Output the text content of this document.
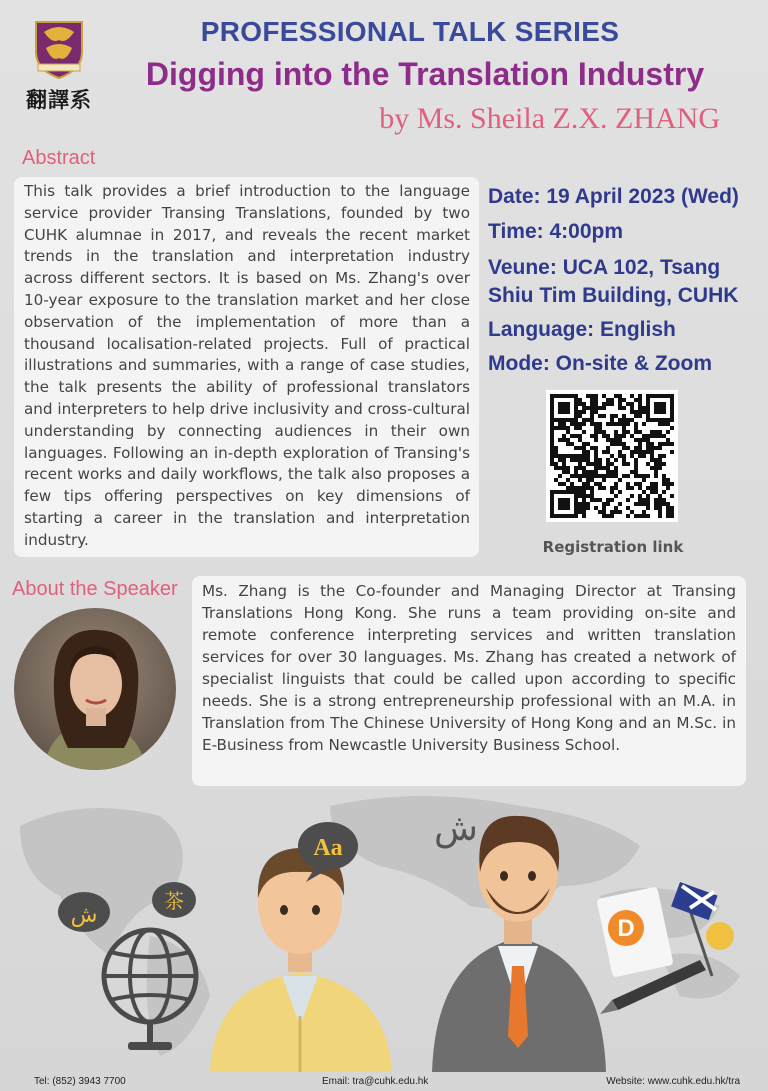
翻譯系
PROFESSIONAL TALK SERIES
Digging into the Translation Industry
by Ms. Sheila Z.X. ZHANG
Abstract

This talk provides a brief introduction to the language service provider Transing Translations, founded by two CUHK alumnae in 2017, and reveals the recent market trends in the translation and interpretation industry across different sectors. It is based on Ms. Zhang's over 10-year exposure to the translation market and her close observation of the implementation of more than a thousand localisation-related projects. Full of practical illustrations and summaries, with a range of case studies, the talk presents the ability of professional translators and interpreters to help drive inclusivity and cross-cultural understanding by connecting audiences in their own languages. Following an in-depth exploration of Transing's recent works and daily workflows, the talk also proposes a few tips offering perspectives on key dimensions of starting a career in the translation and interpretation industry.

Date: 19 April 2023 (Wed)
Time: 4:00pm
Veune: UCA 102, Tsang Shiu Tim Building, CUHK
Language: English
Mode: On-site & Zoom
Registration link
About the Speaker Ms. Zhang is the Co-founder and Managing Director at Transing Translations Hong Kong. She runs a team providing on-site and remote conference interpreting services and written translation services for over 30 languages. Ms. Zhang has created a network of specialist linguists that could be called upon according to specific needs. She is a strong entrepreneurship professional with an M.A. in Translation from The Chinese University of Hong Kong and an M.Sc. in E-Business from Newcastle University Business School.

Aa	ش
ش
茶
D
Tel: (852) 3943 7700	Email: tra@cuhk.edu.hk	Website: www.cuhk.edu.hk/tra
